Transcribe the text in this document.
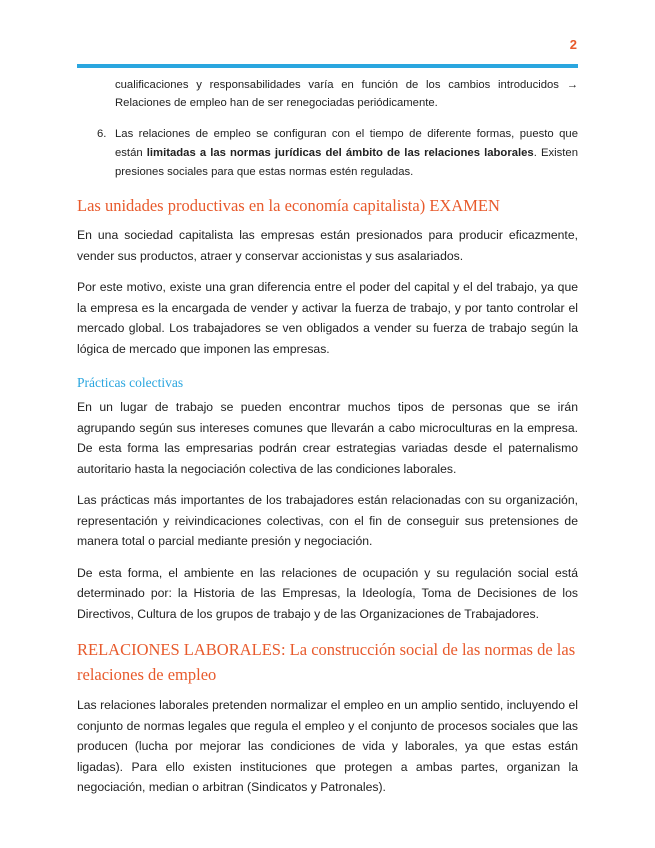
2
cualificaciones y responsabilidades varía en función de los cambios introducidos → Relaciones de empleo han de ser renegociadas periódicamente.
6. Las relaciones de empleo se configuran con el tiempo de diferente formas, puesto que están limitadas a las normas jurídicas del ámbito de las relaciones laborales. Existen presiones sociales para que estas normas estén reguladas.
Las unidades productivas en la economía capitalista) EXAMEN

En una sociedad capitalista las empresas están presionados para producir eficazmente, vender sus productos, atraer y conservar accionistas y sus asalariados.

Por este motivo, existe una gran diferencia entre el poder del capital y el del trabajo, ya que la empresa es la encargada de vender y activar la fuerza de trabajo, y por tanto controlar el mercado global. Los trabajadores se ven obligados a vender su fuerza de trabajo según la lógica de mercado que imponen las empresas.

Prácticas colectivas

En un lugar de trabajo se pueden encontrar muchos tipos de personas que se irán agrupando según sus intereses comunes que llevarán a cabo microculturas en la empresa. De esta forma las empresarias podrán crear estrategias variadas desde el paternalismo autoritario hasta la negociación colectiva de las condiciones laborales.

Las prácticas más importantes de los trabajadores están relacionadas con su organización, representación y reivindicaciones colectivas, con el fin de conseguir sus pretensiones de manera total o parcial mediante presión y negociación.

De esta forma, el ambiente en las relaciones de ocupación y su regulación social está determinado por: la Historia de las Empresas, la Ideología, Toma de Decisiones de los Directivos, Cultura de los grupos de trabajo y de las Organizaciones de Trabajadores.

RELACIONES LABORALES: La construcción social de las normas de las relaciones de empleo

Las relaciones laborales pretenden normalizar el empleo en un amplio sentido, incluyendo el conjunto de normas legales que regula el empleo y el conjunto de procesos sociales que las producen (lucha por mejorar las condiciones de vida y laborales, ya que estas están ligadas). Para ello existen instituciones que protegen a ambas partes, organizan la negociación, median o arbitran (Sindicatos y Patronales).
